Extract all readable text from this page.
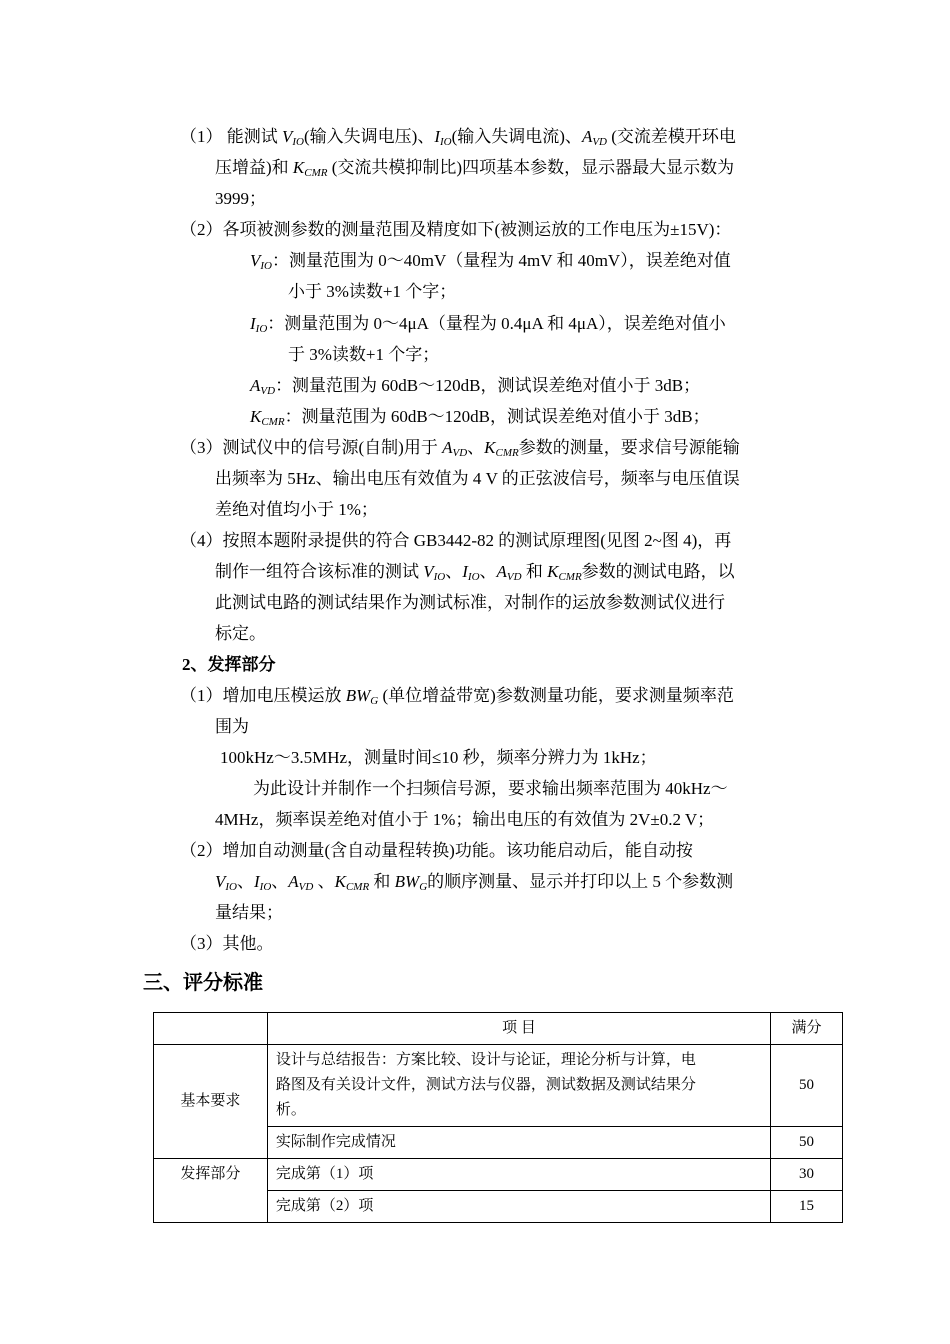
（1） 能测试 $V_{IO}$(输入失调电压)、$I_{IO}$(输入失调电流)、$A_{VD}$ (交流差模开环电
压增益)和 $K_{CMR}$ (交流共模抑制比)四项基本参数，显示器最大显示数为
3999；
（2）各项被测参数的测量范围及精度如下(被测运放的工作电压为±15V)：
$V_{IO}$：测量范围为 0～40mV（量程为 4mV 和 40mV），误差绝对值
小于 3%读数+1 个字；
$I_{IO}$：测量范围为 0～4μA（量程为 0.4μA 和 4μA），误差绝对值小
于 3%读数+1 个字；
$A_{VD}$：测量范围为 60dB～120dB，测试误差绝对值小于 3dB；
$K_{CMR}$：测量范围为 60dB～120dB，测试误差绝对值小于 3dB；
（3）测试仪中的信号源(自制)用于 $A_{VD}$、$K_{CMR}$参数的测量，要求信号源能输
出频率为 5Hz、输出电压有效值为 4 V 的正弦波信号，频率与电压值误
差绝对值均小于 1%；
（4）按照本题附录提供的符合 GB3442-82 的测试原理图(见图 2~图 4)，再
制作一组符合该标准的测试 $V_{IO}$、$I_{IO}$、$A_{VD}$ 和 $K_{CMR}$参数的测试电路，以
此测试电路的测试结果作为测试标准，对制作的运放参数测试仪进行
标定。
2、发挥部分
（1）增加电压模运放 $BW_G$ (单位增益带宽)参数测量功能，要求测量频率范
围为
100kHz～3.5MHz，测量时间≤10 秒，频率分辨力为 1kHz；
为此设计并制作一个扫频信号源，要求输出频率范围为 40kHz～
4MHz，频率误差绝对值小于 1%；输出电压的有效值为 2V±0.2 V；
（2）增加自动测量(含自动量程转换)功能。该功能启动后，能自动按
$V_{IO}$、$I_{IO}$、$A_{VD}$ 、$K_{CMR}$ 和 $BW_G$的顺序测量、显示并打印以上 5 个参数测
量结果；
（3）其他。
三、评分标准
	项 目	满分
基本要求	设计与总结报告：方案比较、设计与论证，理论分析与计算，电
路图及有关设计文件，测试方法与仪器，测试数据及测试结果分
析。	50
	实际制作完成情况	50
发挥部分	完成第（1）项	30
	完成第（2）项	15
